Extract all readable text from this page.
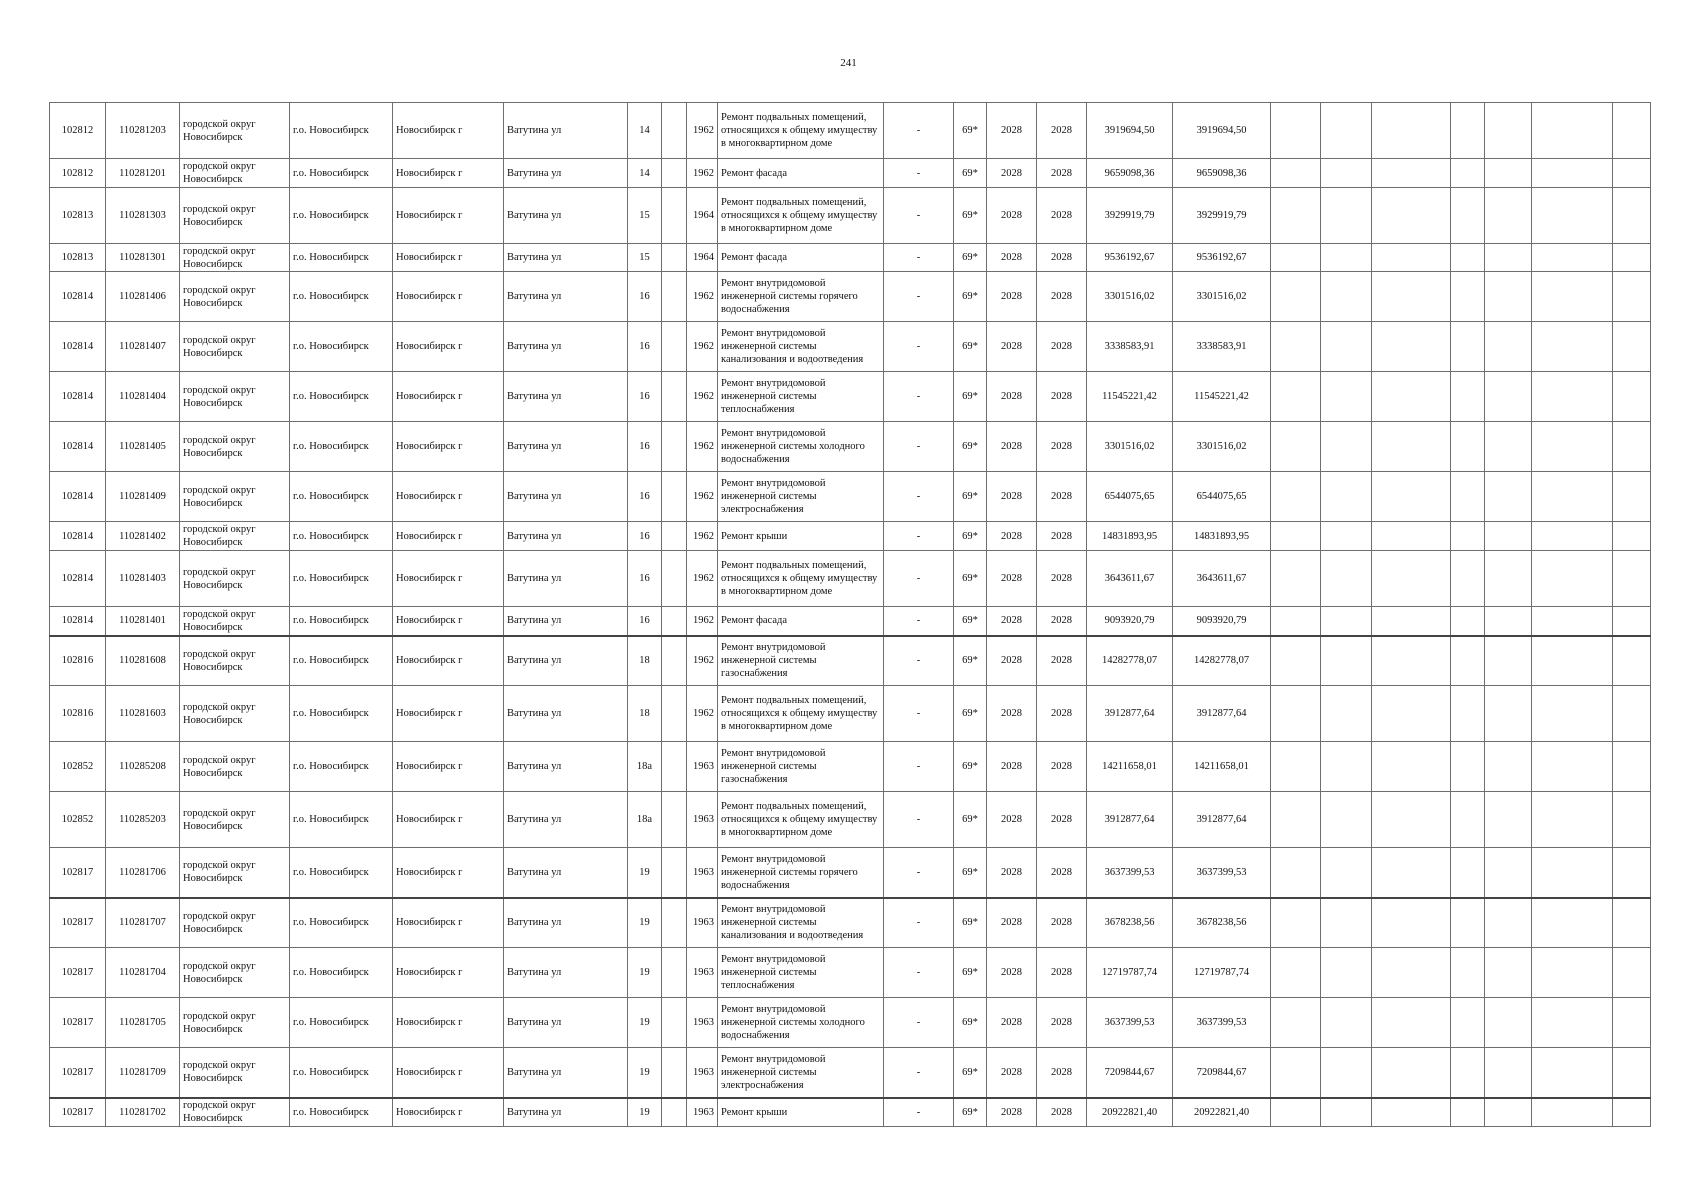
241
102812	110281203	городской округ Новосибирск	г.о. Новосибирск	Новосибирск г	Ватутина ул	14		1962	Ремонт подвальных помещений, относящихся к общему имуществу в многоквартирном доме	-	69*	2028	2028	3919694,50	3919694,50							
102812	110281201	городской округ Новосибирск	г.о. Новосибирск	Новосибирск г	Ватутина ул	14		1962	Ремонт фасада	-	69*	2028	2028	9659098,36	9659098,36							
102813	110281303	городской округ Новосибирск	г.о. Новосибирск	Новосибирск г	Ватутина ул	15		1964	Ремонт подвальных помещений, относящихся к общему имуществу в многоквартирном доме	-	69*	2028	2028	3929919,79	3929919,79							
102813	110281301	городской округ Новосибирск	г.о. Новосибирск	Новосибирск г	Ватутина ул	15		1964	Ремонт фасада	-	69*	2028	2028	9536192,67	9536192,67							
102814	110281406	городской округ Новосибирск	г.о. Новосибирск	Новосибирск г	Ватутина ул	16		1962	Ремонт внутридомовой инженерной системы горячего водоснабжения	-	69*	2028	2028	3301516,02	3301516,02							
102814	110281407	городской округ Новосибирск	г.о. Новосибирск	Новосибирск г	Ватутина ул	16		1962	Ремонт внутридомовой инженерной системы канализования и водоотведения	-	69*	2028	2028	3338583,91	3338583,91							
102814	110281404	городской округ Новосибирск	г.о. Новосибирск	Новосибирск г	Ватутина ул	16		1962	Ремонт внутридомовой инженерной системы теплоснабжения	-	69*	2028	2028	11545221,42	11545221,42							
102814	110281405	городской округ Новосибирск	г.о. Новосибирск	Новосибирск г	Ватутина ул	16		1962	Ремонт внутридомовой инженерной системы холодного водоснабжения	-	69*	2028	2028	3301516,02	3301516,02							
102814	110281409	городской округ Новосибирск	г.о. Новосибирск	Новосибирск г	Ватутина ул	16		1962	Ремонт внутридомовой инженерной системы электроснабжения	-	69*	2028	2028	6544075,65	6544075,65							
102814	110281402	городской округ Новосибирск	г.о. Новосибирск	Новосибирск г	Ватутина ул	16		1962	Ремонт крыши	-	69*	2028	2028	14831893,95	14831893,95							
102814	110281403	городской округ Новосибирск	г.о. Новосибирск	Новосибирск г	Ватутина ул	16		1962	Ремонт подвальных помещений, относящихся к общему имуществу в многоквартирном доме	-	69*	2028	2028	3643611,67	3643611,67							
102814	110281401	городской округ Новосибирск	г.о. Новосибирск	Новосибирск г	Ватутина ул	16		1962	Ремонт фасада	-	69*	2028	2028	9093920,79	9093920,79							
102816	110281608	городской округ Новосибирск	г.о. Новосибирск	Новосибирск г	Ватутина ул	18		1962	Ремонт внутридомовой инженерной системы газоснабжения	-	69*	2028	2028	14282778,07	14282778,07							
102816	110281603	городской округ Новосибирск	г.о. Новосибирск	Новосибирск г	Ватутина ул	18		1962	Ремонт подвальных помещений, относящихся к общему имуществу в многоквартирном доме	-	69*	2028	2028	3912877,64	3912877,64							
102852	110285208	городской округ Новосибирск	г.о. Новосибирск	Новосибирск г	Ватутина ул	18а		1963	Ремонт внутридомовой инженерной системы газоснабжения	-	69*	2028	2028	14211658,01	14211658,01							
102852	110285203	городской округ Новосибирск	г.о. Новосибирск	Новосибирск г	Ватутина ул	18а		1963	Ремонт подвальных помещений, относящихся к общему имуществу в многоквартирном доме	-	69*	2028	2028	3912877,64	3912877,64							
102817	110281706	городской округ Новосибирск	г.о. Новосибирск	Новосибирск г	Ватутина ул	19		1963	Ремонт внутридомовой инженерной системы горячего водоснабжения	-	69*	2028	2028	3637399,53	3637399,53							
102817	110281707	городской округ Новосибирск	г.о. Новосибирск	Новосибирск г	Ватутина ул	19		1963	Ремонт внутридомовой инженерной системы канализования и водоотведения	-	69*	2028	2028	3678238,56	3678238,56							
102817	110281704	городской округ Новосибирск	г.о. Новосибирск	Новосибирск г	Ватутина ул	19		1963	Ремонт внутридомовой инженерной системы теплоснабжения	-	69*	2028	2028	12719787,74	12719787,74							
102817	110281705	городской округ Новосибирск	г.о. Новосибирск	Новосибирск г	Ватутина ул	19		1963	Ремонт внутридомовой инженерной системы холодного водоснабжения	-	69*	2028	2028	3637399,53	3637399,53							
102817	110281709	городской округ Новосибирск	г.о. Новосибирск	Новосибирск г	Ватутина ул	19		1963	Ремонт внутридомовой инженерной системы электроснабжения	-	69*	2028	2028	7209844,67	7209844,67							
102817	110281702	городской округ Новосибирск	г.о. Новосибирск	Новосибирск г	Ватутина ул	19		1963	Ремонт крыши	-	69*	2028	2028	20922821,40	20922821,40							
